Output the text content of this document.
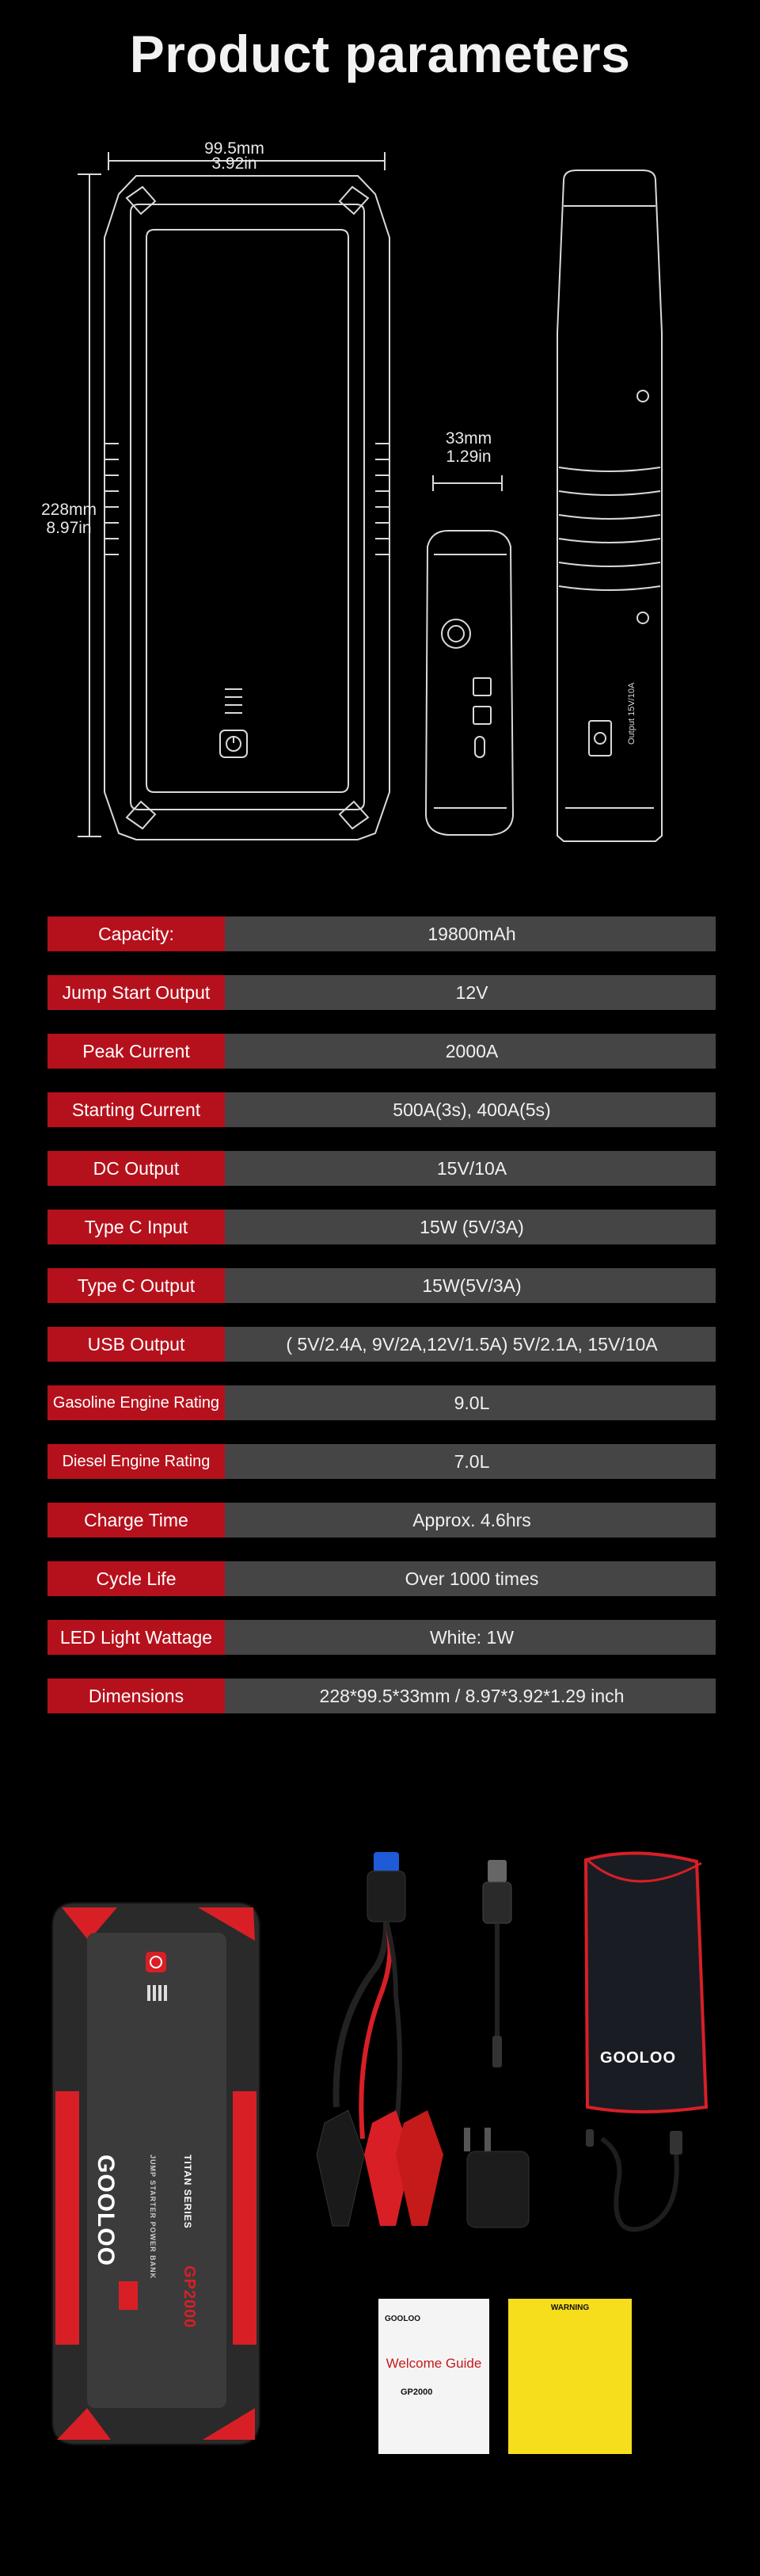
Product parameters
Output 15V/10A
99.5mm
3.92in
228mm
8.97in
33mm
1.29in
Capacity:	19800mAh
Jump Start Output	12V
Peak Current	2000A
Starting Current	500A(3s), 400A(5s)
DC Output	15V/10A
Type C Input	15W (5V/3A)
Type C Output	15W(5V/3A)
USB Output	( 5V/2.4A, 9V/2A,12V/1.5A) 5V/2.1A, 15V/10A
Gasoline Engine Rating	9.0L
Diesel Engine Rating	7.0L
Charge Time	Approx. 4.6hrs
Cycle Life	Over 1000 times
LED Light Wattage	White: 1W
Dimensions	228*99.5*33mm / 8.97*3.92*1.29 inch
GOOLOO
GOOLOO
GP2000
TITAN SERIES
JUMP STARTER POWER BANK
GOOLOO
Welcome Guide
GP2000
WARNING
